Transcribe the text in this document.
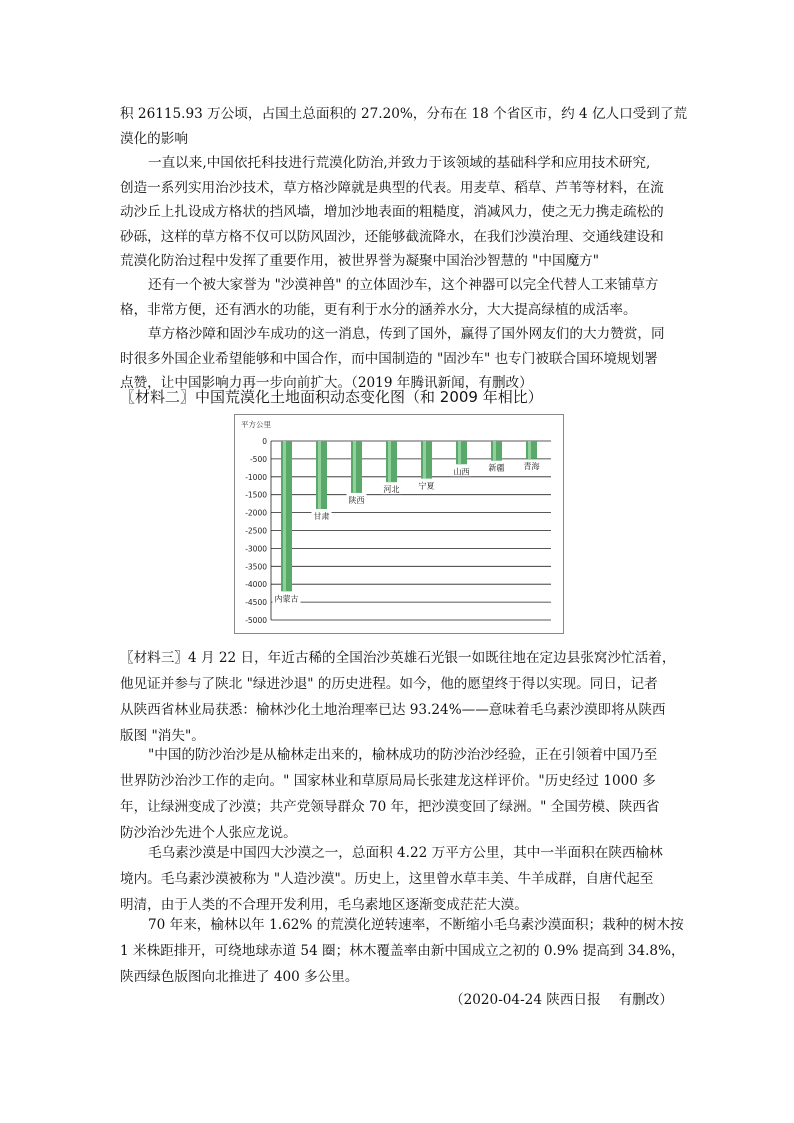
积 26115.93 万公顷，占国土总面积的 27.20%，分布在 18 个省区市，约 4 亿人口受到了荒
漠化的影响

一直以来,中国依托科技进行荒漠化防治,并致力于该领域的基础科学和应用技术研究,
创造一系列实用治沙技术，草方格沙障就是典型的代表。用麦草、稻草、芦苇等材料，在流
动沙丘上扎设成方格状的挡风墙，增加沙地表面的粗糙度，消减风力，使之无力携走疏松的
砂砾，这样的草方格不仅可以防风固沙，还能够截流降水，在我们沙漠治理、交通线建设和
荒漠化防治过程中发挥了重要作用，被世界誉为凝聚中国治沙智慧的 "中国魔方"

还有一个被大家誉为 "沙漠神兽" 的立体固沙车，这个神器可以完全代替人工来铺草方
格，非常方便，还有洒水的功能，更有利于水分的涵养水分，大大提高绿植的成活率。

草方格沙障和固沙车成功的这一消息，传到了国外，赢得了国外网友们的大力赞赏，同
时很多外国企业希望能够和中国合作，而中国制造的 "固沙车" 也专门被联合国环境规划署
点赞，让中国影响力再一步向前扩大。（2019 年腾讯新闻，有删改）

〖材料二〗中国荒漠化土地面积动态变化图（和 2009 年相比）
平方公里
0
-500
-1000
-1500
-2000
-2500
-3000
-3500
-4000
-4500
-5000
内蒙古
甘肃
陕西
河北 宁夏
山西 新疆 青海

〖材料三〗4 月 22 日，年近古稀的全国治沙英雄石光银一如既往地在定边县张窝沙忙活着，
他见证并参与了陕北 "绿进沙退" 的历史进程。如今，他的愿望终于得以实现。同日，记者
从陕西省林业局获悉：榆林沙化土地治理率已达 93.24%——意味着毛乌素沙漠即将从陕西
版图 "消失"。

"中国的防沙治沙是从榆林走出来的，榆林成功的防沙治沙经验，正在引领着中国乃至
世界防沙治沙工作的走向。" 国家林业和草原局局长张建龙这样评价。"历史经过 1000 多
年，让绿洲变成了沙漠；共产党领导群众 70 年，把沙漠变回了绿洲。" 全国劳模、陕西省
防沙治沙先进个人张应龙说。

毛乌素沙漠是中国四大沙漠之一，总面积 4.22 万平方公里，其中一半面积在陕西榆林
境内。毛乌素沙漠被称为 "人造沙漠"。历史上，这里曾水草丰美、牛羊成群，自唐代起至
明清，由于人类的不合理开发利用，毛乌素地区逐渐变成茫茫大漠。

70 年来，榆林以年 1.62% 的荒漠化逆转速率，不断缩小毛乌素沙漠面积；栽种的树木按
1 米株距排开，可绕地球赤道 54 圈；林木覆盖率由新中国成立之初的 0.9% 提高到 34.8%，
陕西绿色版图向北推进了 400 多公里。

（2020-04-24 陕西日报　 有删改）
